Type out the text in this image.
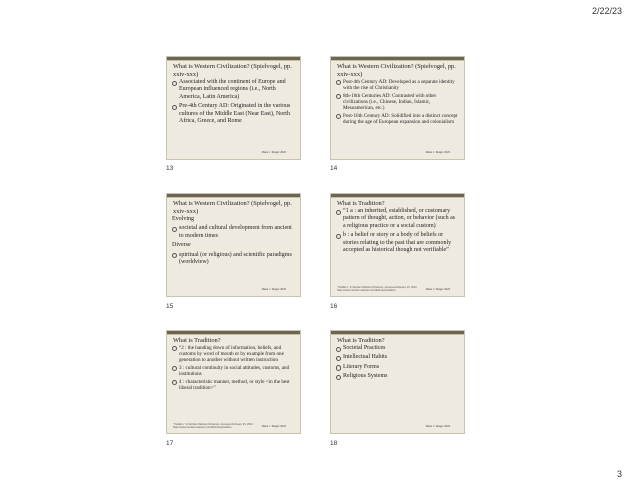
2/22/23
What is Western Civilization? (Spielvogel, pp. xxiv-xxx)
Associated with the continent of Europe and European influenced regions (i.e., North America, Latin America)
Pre-4th Century AD: Originated in the various cultures of the Middle East (Near East), North Africa, Greece, and Rome
Marie J. Rutger 2023
13
What is Western Civilization? (Spielvogel, pp. xxiv-xxx)
Post-4th Century AD: Developed as a separate identity with the rise of Christianity
8th-16th Centuries AD: Contrasted with other civilizations (i.e., Chinese, Indian, Islamic, Mesoamerican, etc.)
Post-16th Century AD: Solidified into a distinct concept during the age of European expansion and colonialism
Marie J. Rutger 2023
14
What is Western Civilization? (Spielvogel, pp. xxiv-xxx)
Evolving
societal and cultural development from ancient to modern times
Diverse
spiritual (or religious) and scientific paradigms (worldview)
Marie J. Rutger 2023
15
What is Tradition?
“1 a : an inherited, established, or customary pattern of thought, action, or behavior (such as a religious practice or a social custom)
b : a belief or story or a body of beliefs or stories relating to the past that are commonly accepted as historical though not verifiable”
“Tradition.” In Merriam-Webster Dictionary. Accessed February 15, 2023. https://www.merriam-webster.com/dictionary/tradition.	Marie J. Rutger 2023
16
What is Tradition?
“2 : the handing down of information, beliefs, and customs by word of mouth or by example from one generation to another without written instruction
3 : cultural continuity in social attitudes, customs, and institutions
4 : characteristic manner, method, or style <in the best liberal tradition>”
“Tradition.” In Merriam-Webster Dictionary. Accessed February 15, 2023. https://www.merriam-webster.com/dictionary/tradition.	Marie J. Rutger 2023
17
What is Tradition?
Societal Practices
Intellectual Habits
Literary Forms
Religious Systems
Marie J. Rutger 2023
18
3
